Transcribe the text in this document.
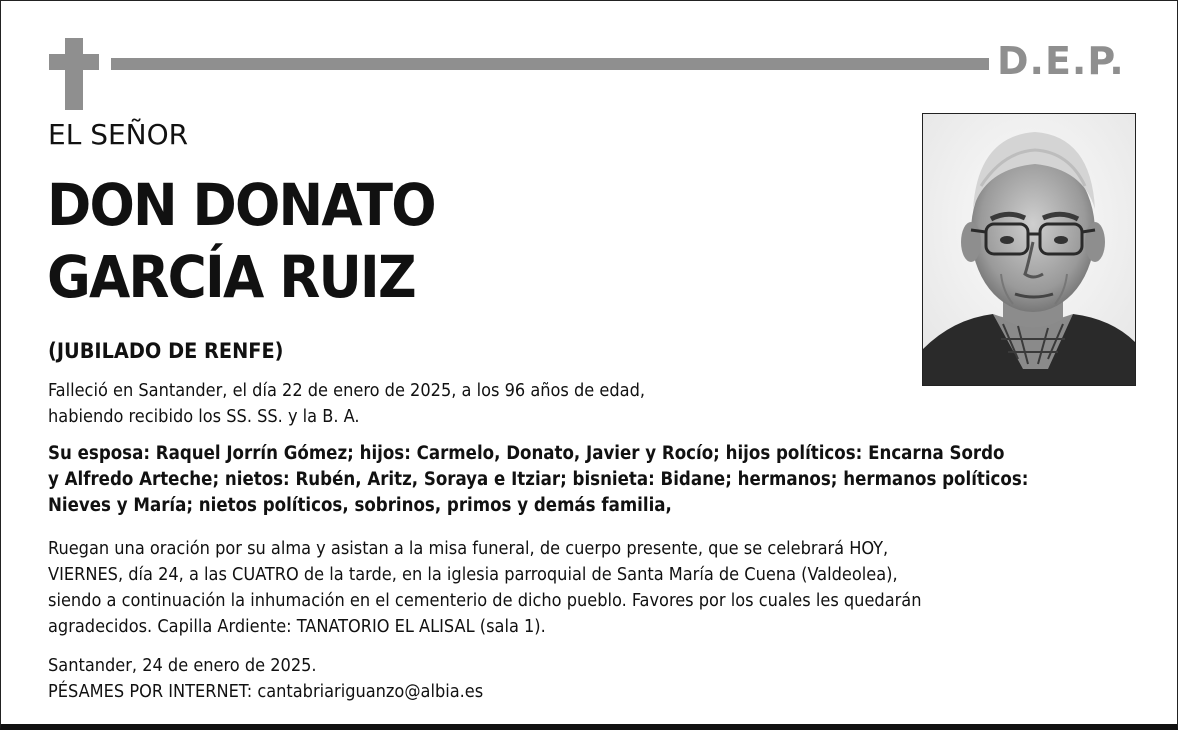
D.E.P.
EL SEÑOR
DON DONATO
GARCÍA RUIZ
(JUBILADO DE RENFE)
Falleció en Santander, el día 22 de enero de 2025, a los 96 años de edad,
habiendo recibido los SS. SS. y la B. A.
Su esposa: Raquel Jorrín Gómez; hijos: Carmelo, Donato, Javier y Rocío; hijos políticos: Encarna Sordo
y Alfredo Arteche; nietos: Rubén, Aritz, Soraya e Itziar; bisnieta: Bidane; hermanos; hermanos políticos:
Nieves y María; nietos políticos, sobrinos, primos y demás familia,
Ruegan una oración por su alma y asistan a la misa funeral, de cuerpo presente, que se celebrará HOY,
VIERNES, día 24, a las CUATRO de la tarde, en la iglesia parroquial de Santa María de Cuena (Valdeolea),
siendo a continuación la inhumación en el cementerio de dicho pueblo. Favores por los cuales les quedarán
agradecidos. Capilla Ardiente: TANATORIO EL ALISAL (sala 1).
Santander, 24 de enero de 2025.
PÉSAMES POR INTERNET: cantabriariguanzo@albia.es
